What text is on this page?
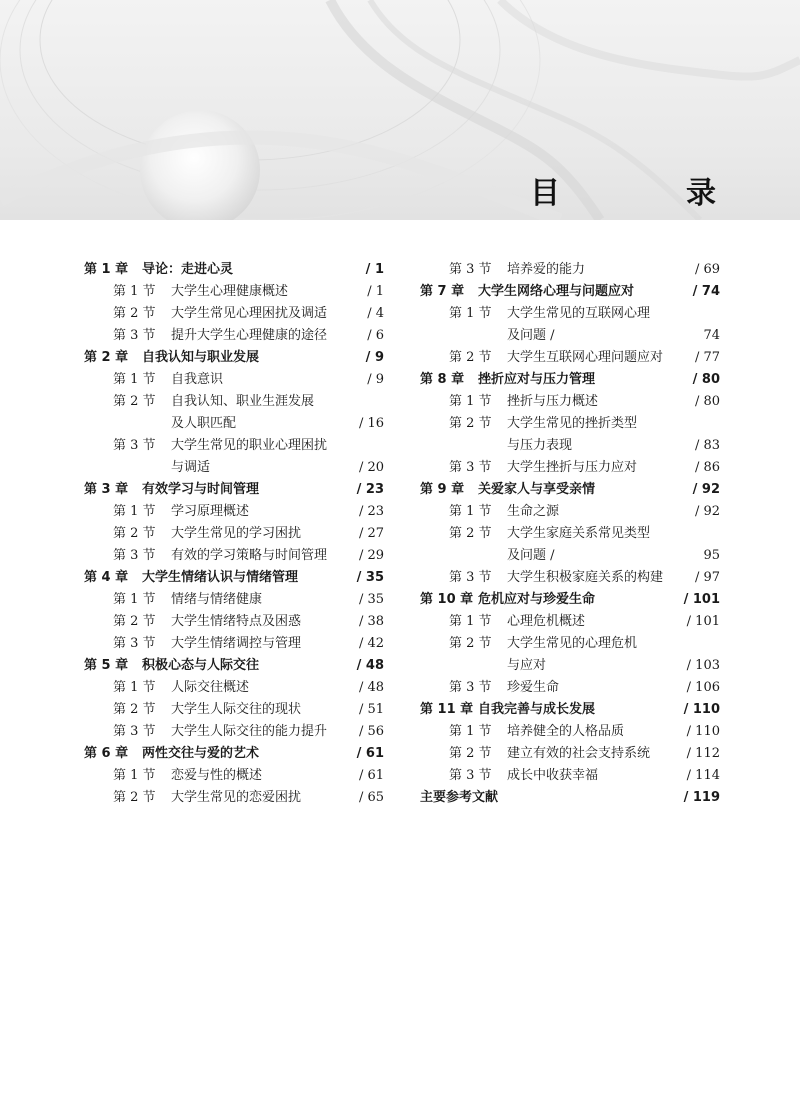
目　录
第 1 章 导论：走进心灵	/ 1
第 1 节 大学生心理健康概述	/ 1
第 2 节 大学生常见心理困扰及调适	/ 4
第 3 节 提升大学生心理健康的途径	/ 6
第 2 章 自我认知与职业发展	/ 9
第 1 节 自我意识	/ 9
第 2 节 自我认知、职业生涯发展
及人职匹配	/ 16
第 3 节 大学生常见的职业心理困扰
与调适	/ 20
第 3 章 有效学习与时间管理	/ 23
第 1 节 学习原理概述	/ 23
第 2 节 大学生常见的学习困扰	/ 27
第 3 节 有效的学习策略与时间管理 / 29
第 4 章 大学生情绪认识与情绪管理	/ 35
第 1 节 情绪与情绪健康	/ 35
第 2 节 大学生情绪特点及困惑	/ 38
第 3 节 大学生情绪调控与管理	/ 42
第 5 章 积极心态与人际交往	/ 48
第 1 节 人际交往概述	/ 48
第 2 节 大学生人际交往的现状	/ 51
第 3 节 大学生人际交往的能力提升 / 56
第 6 章 两性交往与爱的艺术	/ 61
第 1 节 恋爱与性的概述	/ 61
第 2 节 大学生常见的恋爱困扰	/ 65
第 3 节 培养爱的能力	/ 69
第 7 章 大学生网络心理与问题应对	/ 74
第 1 节 大学生常见的互联网心理
及问题 /	74
第 2 节 大学生互联网心理问题应对 / 77
第 8 章 挫折应对与压力管理	/ 80
第 1 节 挫折与压力概述	/ 80
第 2 节 大学生常见的挫折类型
与压力表现	/ 83
第 3 节 大学生挫折与压力应对	/ 86
第 9 章 关爱家人与享受亲情	/ 92
第 1 节 生命之源	/ 92
第 2 节 大学生家庭关系常见类型
及问题 /	95
第 3 节 大学生积极家庭关系的构建 / 97
第 10 章 危机应对与珍爱生命	/ 101
第 1 节 心理危机概述	/ 101
第 2 节 大学生常见的心理危机
与应对	/ 103
第 3 节 珍爱生命	/ 106
第 11 章 自我完善与成长发展	/ 110
第 1 节 培养健全的人格品质	/ 110
第 2 节 建立有效的社会支持系统	/ 112
第 3 节 成长中收获幸福	/ 114
主要参考文献	/ 119
